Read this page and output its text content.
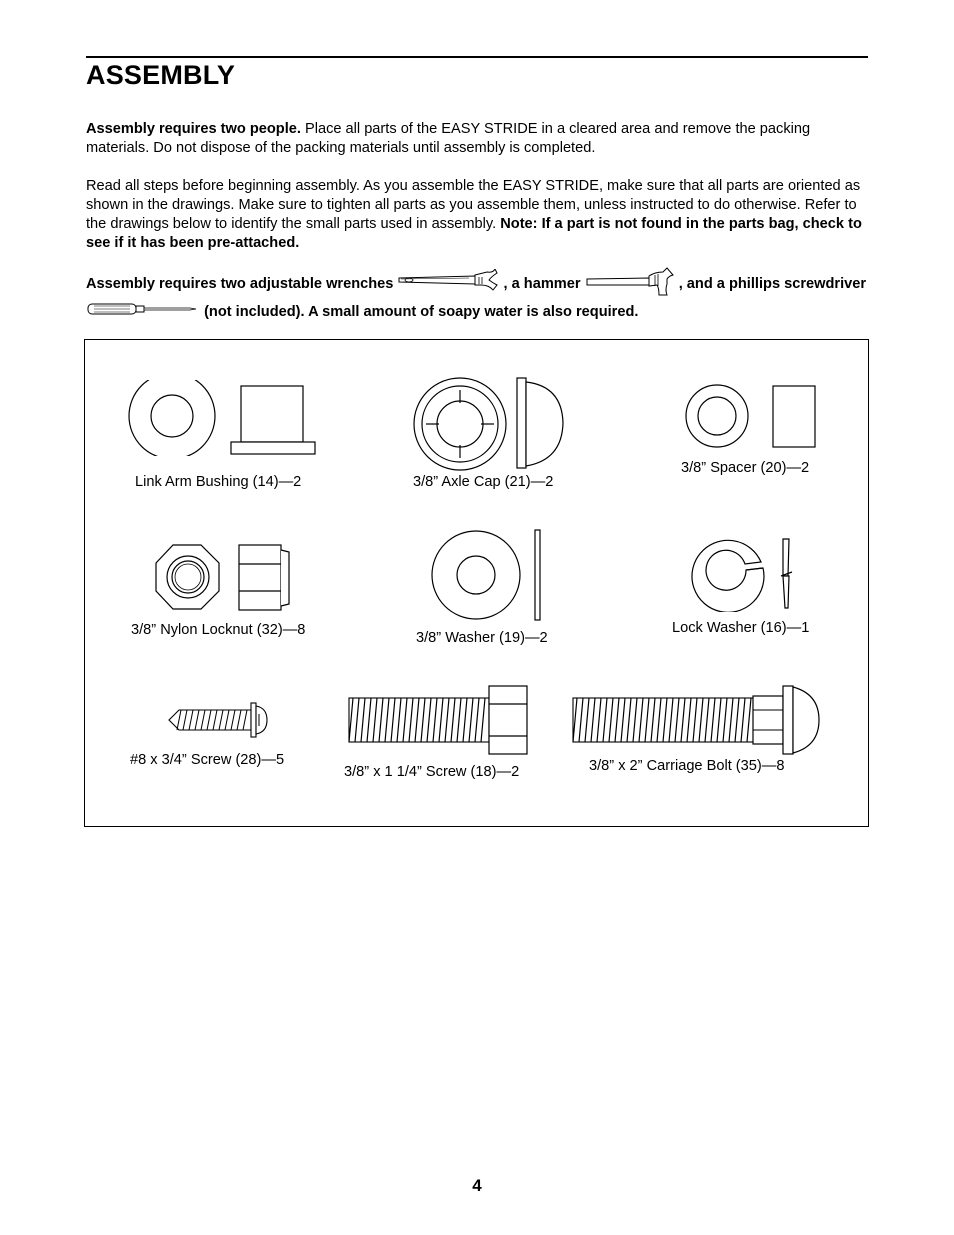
ASSEMBLY

Assembly requires two people. Place all parts of the EASY STRIDE in a cleared area and remove the packing materials. Do not dispose of the packing materials until assembly is completed.

Read all steps before beginning assembly. As you assemble the EASY STRIDE, make sure that all parts are oriented as shown in the drawings. Make sure to tighten all parts as you assemble them, unless instructed to do otherwise. Refer to the drawings below to identify the small parts used in assembly. Note: If a part is not found in the parts bag, check to see if it has been pre-attached.

Assembly requires two adjustable wrenches	, a hammer	, and a phillips screwdriver  (not included). A small amount of soapy water is also required.

Link Arm Bushing (14)—2	3/8” Axle Cap (21)—2

3/8” Spacer (20)—2

3/8” Nylon Locknut (32)—8	3/8” Washer (19)—2

Lock Washer (16)—1

#8 x 3/4” Screw (28)—5

3/8” x 1 1/4” Screw (18)—2	3/8” x 2” Carriage Bolt (35)—8

4
